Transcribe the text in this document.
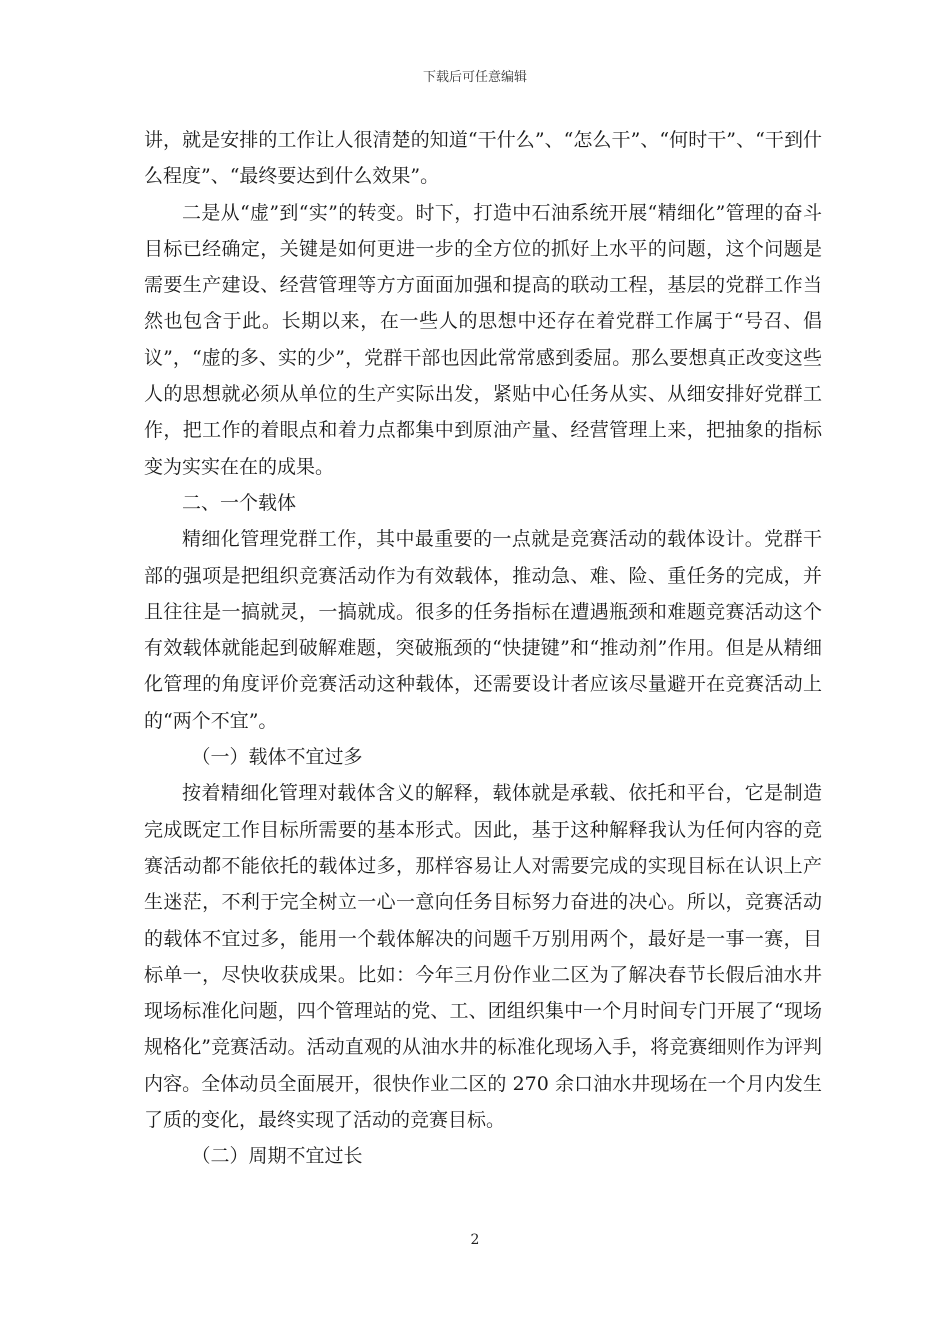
下载后可任意编辑

讲，就是安排的工作让人很清楚的知道“干什么”、“怎么干”、“何时干”、“干到什么程度”、“最终要达到什么效果”。

二是从“虚”到“实”的转变。时下，打造中石油系统开展“精细化”管理的奋斗目标已经确定，关键是如何更进一步的全方位的抓好上水平的问题，这个问题是需要生产建设、经营管理等方方面面加强和提高的联动工程，基层的党群工作当然也包含于此。长期以来，在一些人的思想中还存在着党群工作属于“号召、倡议”，“虚的多、实的少”，党群干部也因此常常感到委屈。那么要想真正改变这些人的思想就必须从单位的生产实际出发，紧贴中心任务从实、从细安排好党群工作，把工作的着眼点和着力点都集中到原油产量、经营管理上来，把抽象的指标变为实实在在的成果。

二、一个载体

精细化管理党群工作，其中最重要的一点就是竞赛活动的载体设计。党群干部的强项是把组织竞赛活动作为有效载体，推动急、难、险、重任务的完成，并且往往是一搞就灵，一搞就成。很多的任务指标在遭遇瓶颈和难题竞赛活动这个有效载体就能起到破解难题，突破瓶颈的“快捷键”和“推动剂”作用。但是从精细化管理的角度评价竞赛活动这种载体，还需要设计者应该尽量避开在竞赛活动上的“两个不宜”。

（一）载体不宜过多

按着精细化管理对载体含义的解释，载体就是承载、依托和平台，它是制造完成既定工作目标所需要的基本形式。因此，基于这种解释我认为任何内容的竞赛活动都不能依托的载体过多，那样容易让人对需要完成的实现目标在认识上产生迷茫，不利于完全树立一心一意向任务目标努力奋进的决心。所以，竞赛活动的载体不宜过多，能用一个载体解决的问题千万别用两个，最好是一事一赛，目标单一，尽快收获成果。比如：今年三月份作业二区为了解决春节长假后油水井现场标准化问题，四个管理站的党、工、团组织集中一个月时间专门开展了“现场规格化”竞赛活动。活动直观的从油水井的标准化现场入手，将竞赛细则作为评判内容。全体动员全面展开，很快作业二区的 270 余口油水井现场在一个月内发生了质的变化，最终实现了活动的竞赛目标。

（二）周期不宜过长

2
